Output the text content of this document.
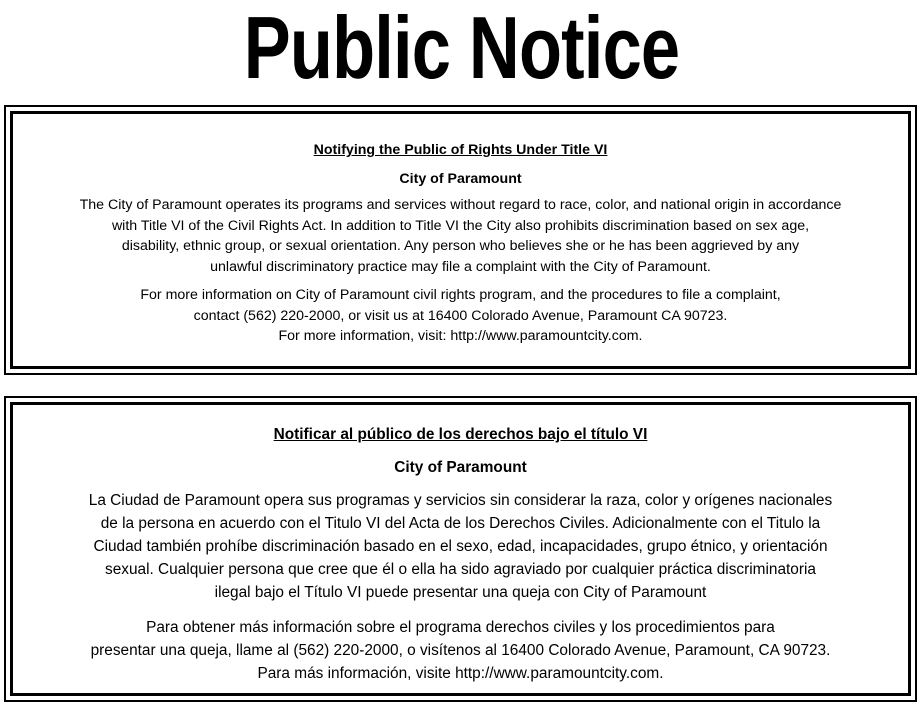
Public Notice
Notifying the Public of Rights Under Title VI
City of Paramount
The City of Paramount operates its programs and services without regard to race, color, and national origin in accordance
with Title VI of the Civil Rights Act. In addition to Title VI the City also prohibits discrimination based on sex age,
disability, ethnic group, or sexual orientation. Any person who believes she or he has been aggrieved by any
unlawful discriminatory practice may file a complaint with the City of Paramount.
For more information on City of Paramount civil rights program, and the procedures to file a complaint,
contact (562) 220-2000, or visit us at 16400 Colorado Avenue, Paramount CA 90723.
For more information, visit: http://www.paramountcity.com.
Notificar al público de los derechos bajo el título VI
City of Paramount
La Ciudad de Paramount opera sus programas y servicios sin considerar la raza, color y orígenes nacionales
de la persona en acuerdo con el Titulo VI del Acta de los Derechos Civiles. Adicionalmente con el Titulo la
Ciudad también prohíbe discriminación basado en el sexo, edad, incapacidades, grupo étnico, y orientación
sexual. Cualquier persona que cree que él o ella ha sido agraviado por cualquier práctica discriminatoria
ilegal bajo el Título VI puede presentar una queja con City of Paramount
Para obtener más información sobre el programa derechos civiles y los procedimientos para
presentar una queja, llame al (562) 220-2000, o visítenos al 16400 Colorado Avenue, Paramount, CA 90723.
Para más información, visite http://www.paramountcity.com.
